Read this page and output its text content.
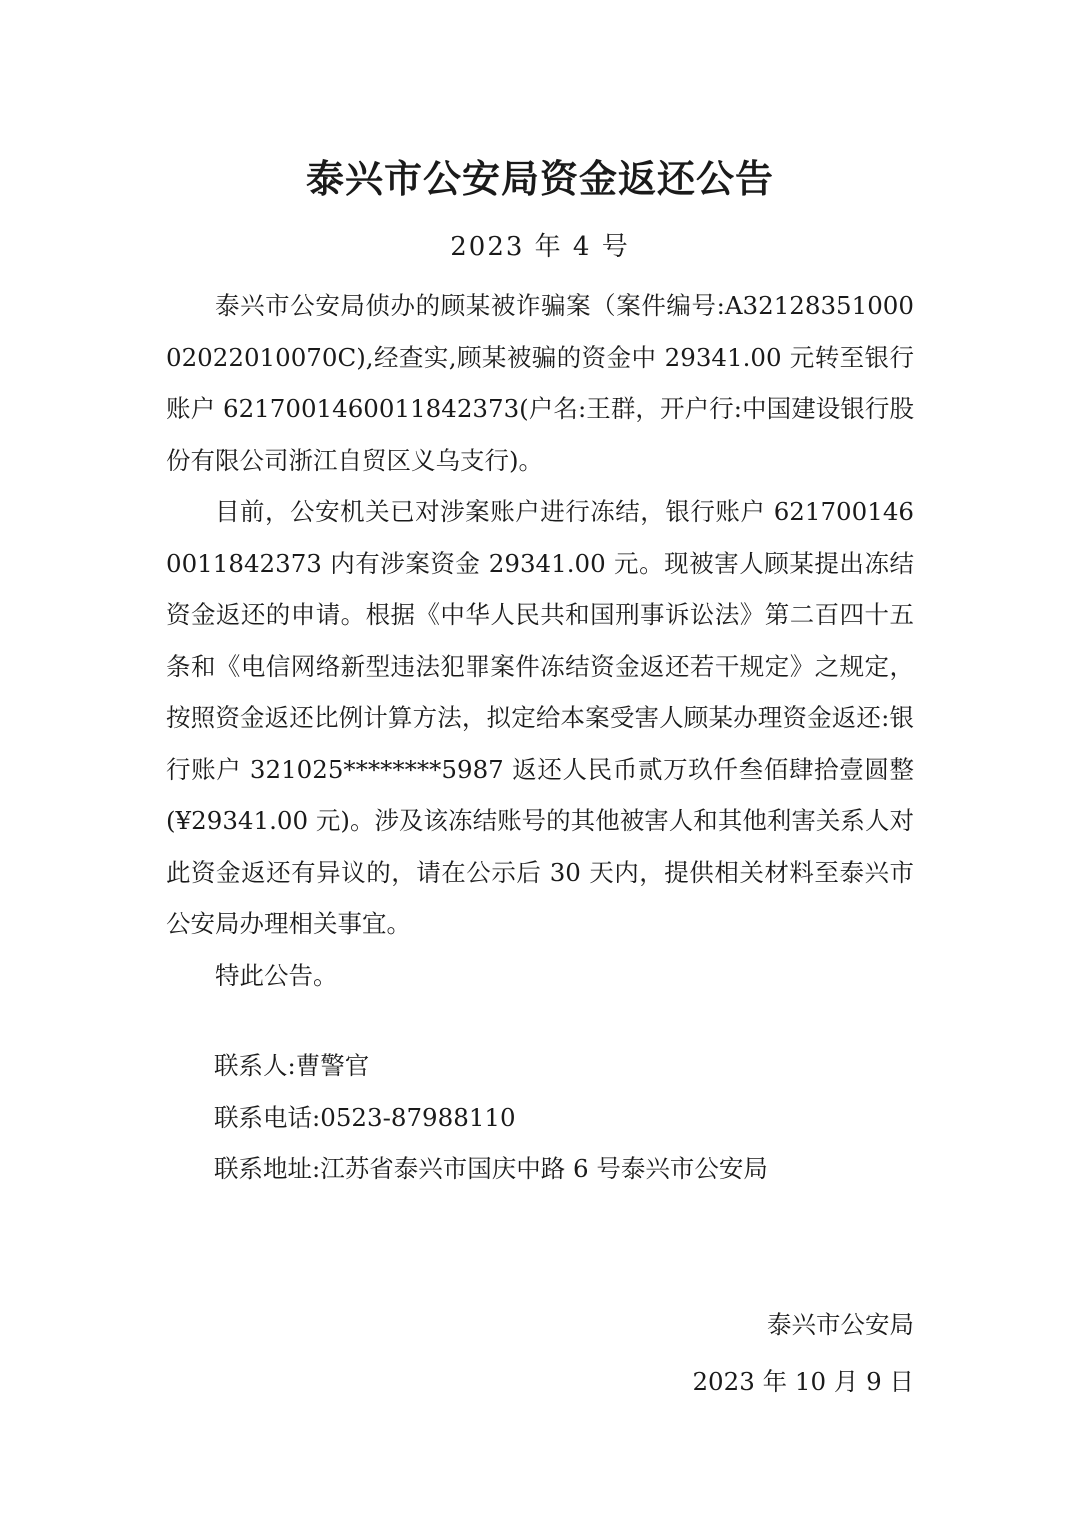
泰兴市公安局资金返还公告
2023 年 4 号

泰兴市公安局侦办的顾某被诈骗案（案件编号:A3212835100002022010070C),经查实,顾某被骗的资金中 29341.00 元转至银行账户 6217001460011842373(户名:王群，开户行:中国建设银行股份有限公司浙江自贸区义乌支行)。

目前，公安机关已对涉案账户进行冻结，银行账户 6217001460011842373 内有涉案资金 29341.00 元。现被害人顾某提出冻结资金返还的申请。根据《中华人民共和国刑事诉讼法》第二百四十五条和《电信网络新型违法犯罪案件冻结资金返还若干规定》之规定，按照资金返还比例计算方法，拟定给本案受害人顾某办理资金返还:银行账户 321025********5987 返还人民币贰万玖仟叁佰肆拾壹圆整(¥29341.00 元)。涉及该冻结账号的其他被害人和其他利害关系人对此资金返还有异议的，请在公示后 30 天内，提供相关材料至泰兴市公安局办理相关事宜。

特此公告。

联系人:曹警官
联系电话:0523-87988110
联系地址:江苏省泰兴市国庆中路 6 号泰兴市公安局
泰兴市公安局
2023 年 10 月 9 日
